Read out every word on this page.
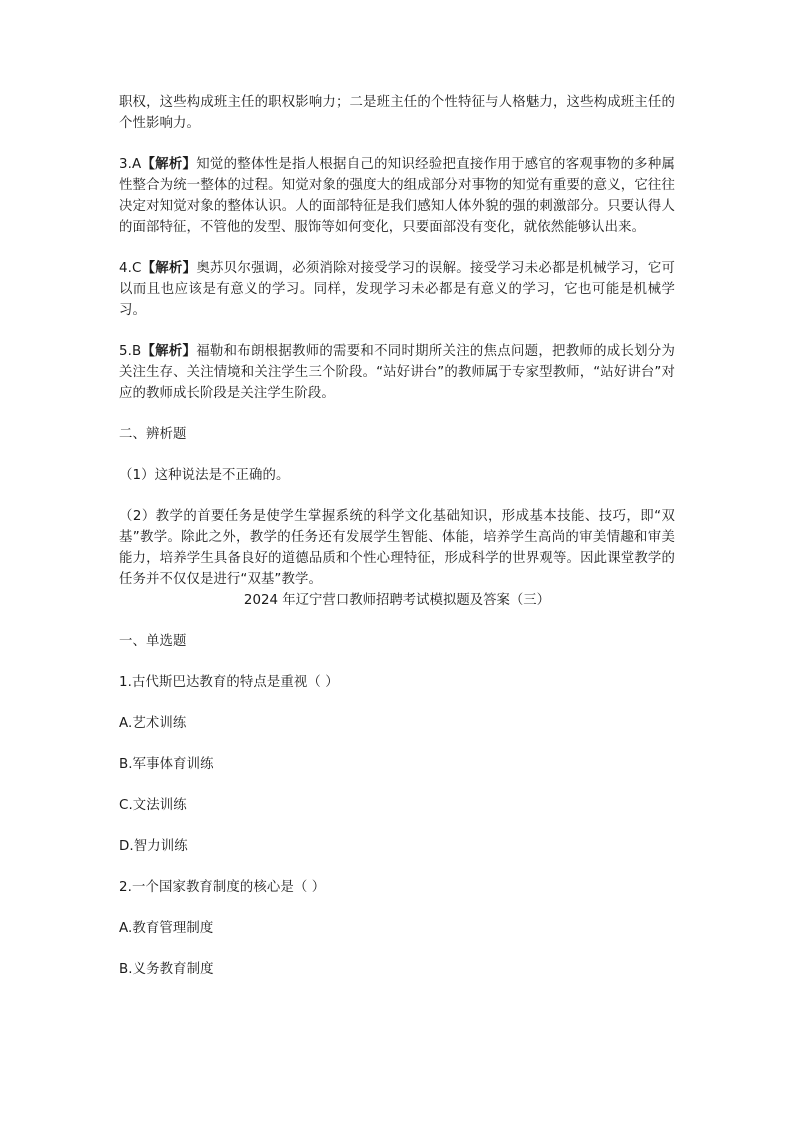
职权，这些构成班主任的职权影响力；二是班主任的个性特征与人格魅力，这些构成班主任的个性影响力。

3.A【解析】知觉的整体性是指人根据自己的知识经验把直接作用于感官的客观事物的多种属性整合为统一整体的过程。知觉对象的强度大的组成部分对事物的知觉有重要的意义，它往往决定对知觉对象的整体认识。人的面部特征是我们感知人体外貌的强的刺激部分。只要认得人的面部特征，不管他的发型、服饰等如何变化，只要面部没有变化，就依然能够认出来。

4.C【解析】奥苏贝尔强调，必须消除对接受学习的误解。接受学习未必都是机械学习，它可以而且也应该是有意义的学习。同样，发现学习未必都是有意义的学习，它也可能是机械学习。

5.B【解析】福勒和布朗根据教师的需要和不同时期所关注的焦点问题，把教师的成长划分为关注生存、关注情境和关注学生三个阶段。“站好讲台”的教师属于专家型教师，“站好讲台”对应的教师成长阶段是关注学生阶段。

二、辨析题

（1）这种说法是不正确的。

（2）教学的首要任务是使学生掌握系统的科学文化基础知识，形成基本技能、技巧，即“双基”教学。除此之外，教学的任务还有发展学生智能、体能，培养学生高尚的审美情趣和审美能力，培养学生具备良好的道德品质和个性心理特征，形成科学的世界观等。因此课堂教学的任务并不仅仅是进行“双基”教学。

2024 年辽宁营口教师招聘考试模拟题及答案（三）

一、单选题

1.古代斯巴达教育的特点是重视（ ）

A.艺术训练

B.军事体育训练

C.文法训练

D.智力训练

2.一个国家教育制度的核心是（ ）

A.教育管理制度

B.义务教育制度
